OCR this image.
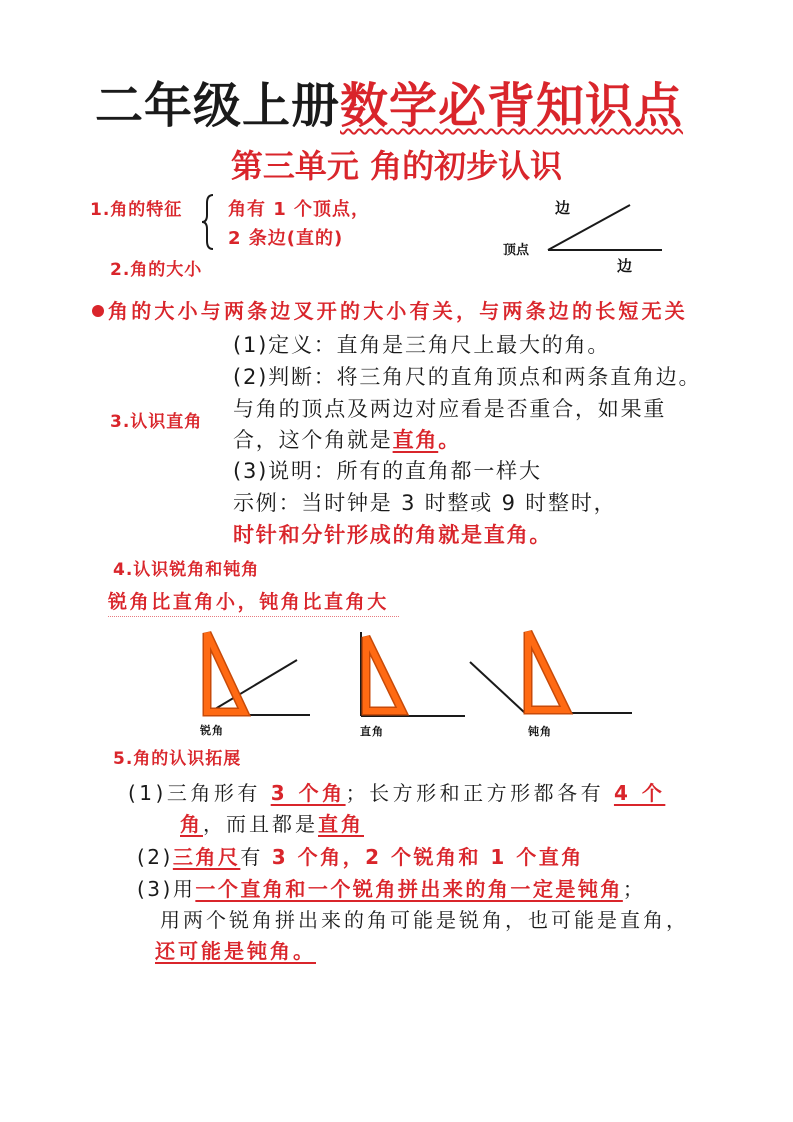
二年级上册 数学必背知识点
第三单元 角的初步认识
1.角的特征	角有 1 个顶点，
2 条边(直的)
边
顶点
边
2.角的大小
角的大小与两条边叉开的大小有关，与两条边的长短无关
3.认识直角
(1)定义：直角是三角尺上最大的角。
(2)判断：将三角尺的直角顶点和两条直角边。
与角的顶点及两边对应看是否重合，如果重
合，这个角就是 直角 。
(3)说明：所有的直角都一样大
示例：当时钟是 3 时整或 9 时整时，
时针和分针形成的角就是直角。
4.认识锐角和钝角
锐角比直角小，钝角比直角大
锐角	直角	钝角
5.角的认识拓展
(1)三角形有 3 个角 ；长方形和正方形都各有 4 个
角 ，而且都是 直角
(2) 三角尺 有 3 个角，2 个锐角和 1 个直角
(3)用 一个直角和一个锐角拼出来的角一定是钝角 ；
用两个锐角拼出来的角可能是锐角，也可能是直角，
还可能是钝角。
